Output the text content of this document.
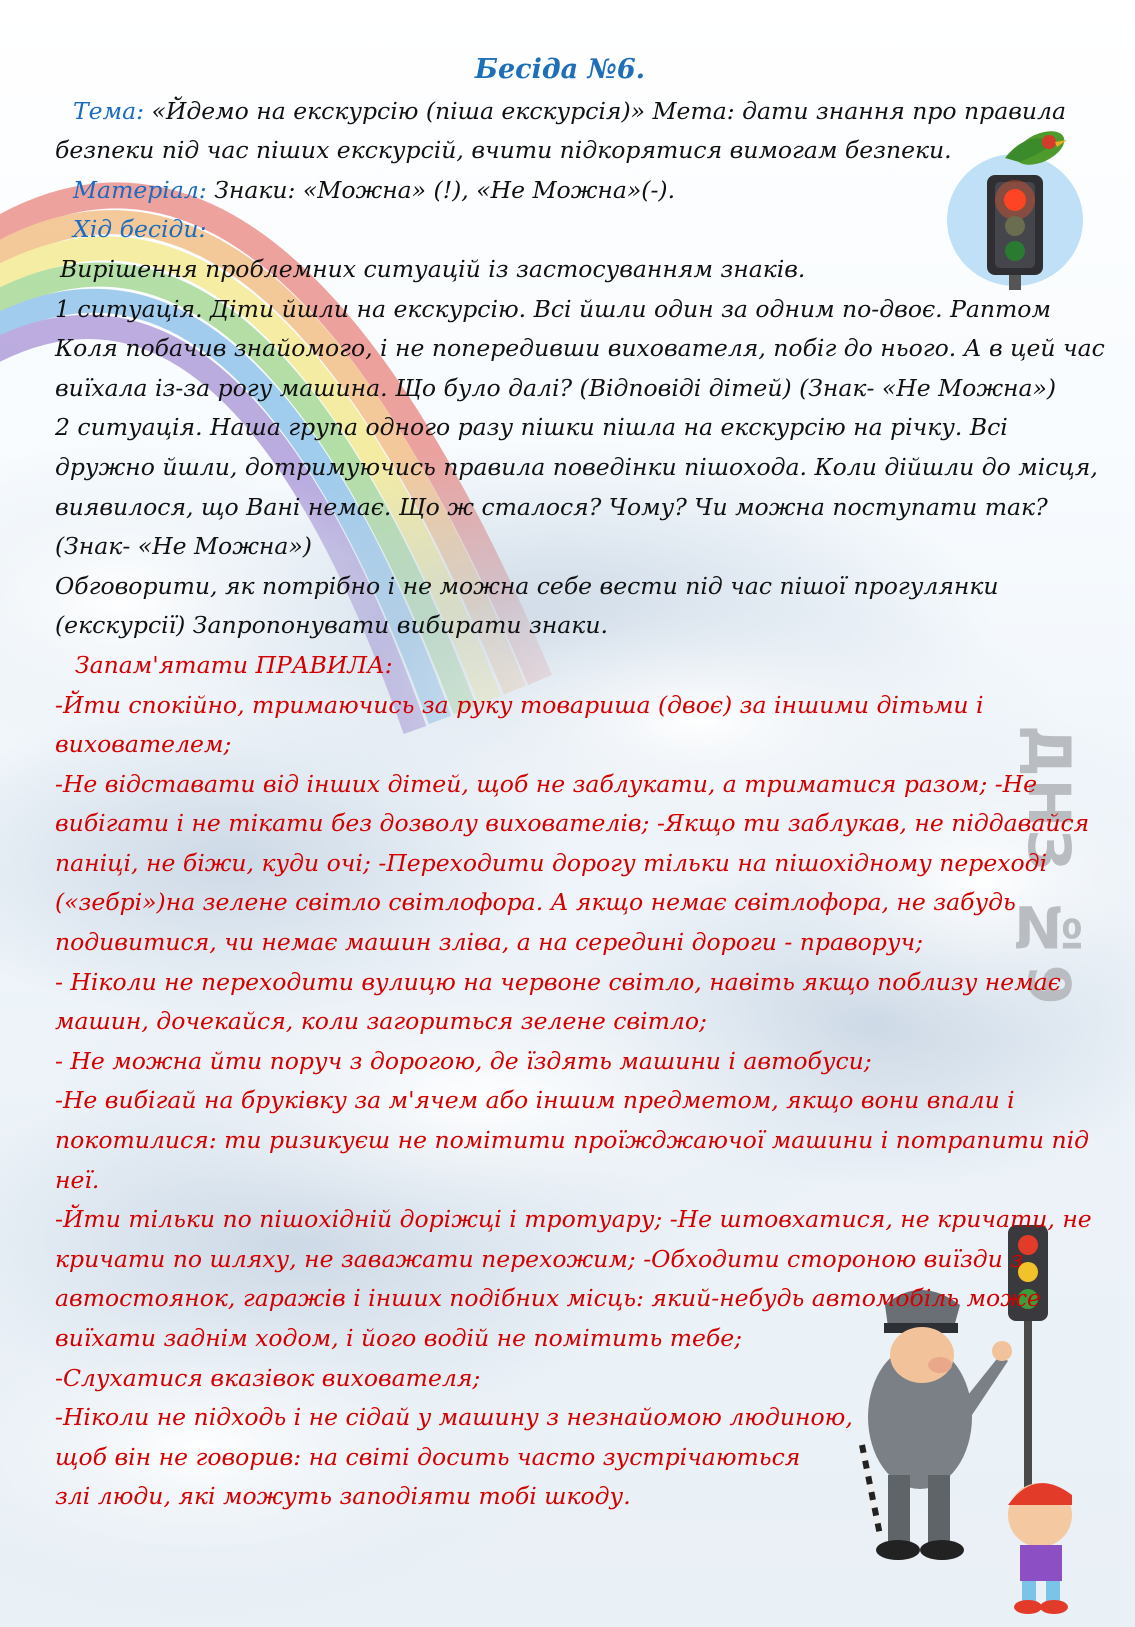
ДНЗ №9
Бесіда №6.
Тема: «Йдемо на екскурсію (піша екскурсія)» Мета: дати знання про правила
безпеки під час піших екскурсій, вчити підкорятися вимогам безпеки.
Матеріал: Знаки: «Можна» (!), «Не Можна»(-).
Хід бесіди:
Вирішення проблемних ситуацій із застосуванням знаків.
1 ситуація. Діти йшли на екскурсію. Всі йшли один за одним по-двоє. Раптом
Коля побачив знайомого, і не попередивши вихователя, побіг до нього. А в цей час
виїхала із-за рогу машина. Що було далі? (Відповіді дітей) (Знак- «Не Можна»)
2 ситуація. Наша група одного разу пішки пішла на екскурсію на річку. Всі
дружно йшли, дотримуючись правила поведінки пішохода. Коли дійшли до місця,
виявилося, що Вані немає. Що ж сталося? Чому? Чи можна поступати так?
(Знак- «Не Можна»)
Обговорити, як потрібно і не можна себе вести під час пішої прогулянки
(екскурсії) Запропонувати вибирати знаки.
Запам'ятати ПРАВИЛА:
-Йти спокійно, тримаючись за руку товариша (двоє) за іншими дітьми і
вихователем;
-Не відставати від інших дітей, щоб не заблукати, а триматися разом; -Не
вибігати і не тікати без дозволу вихователів; -Якщо ти заблукав, не піддавайся
паніці, не біжи, куди очі; -Переходити дорогу тільки на пішохідному переході
(«зебрі»)на зелене світло світлофора. А якщо немає світлофора, не забудь
подивитися, чи немає машин зліва, а на середині дороги - праворуч;
- Ніколи не переходити вулицю на червоне світло, навіть якщо поблизу немає
машин, дочекайся, коли загориться зелене світло;
- Не можна йти поруч з дорогою, де їздять машини і автобуси;
-Не вибігай на бруківку за м'ячем або іншим предметом, якщо вони впали і
покотилися: ти ризикуєш не помітити проїжджаючої машини і потрапити під
неї.
-Йти тільки по пішохідній доріжці і тротуару; -Не штовхатися, не кричати, не
кричати по шляху, не заважати перехожим; -Обходити стороною виїзди з
автостоянок, гаражів і інших подібних місць: який-небудь автомобіль може
виїхати заднім ходом, і його водій не помітить тебе;
-Слухатися вказівок вихователя;
-Ніколи не підходь і не сідай у машину з незнайомою людиною,
щоб він не говорив: на світі досить часто зустрічаються
злі люди, які можуть заподіяти тобі шкоду.
